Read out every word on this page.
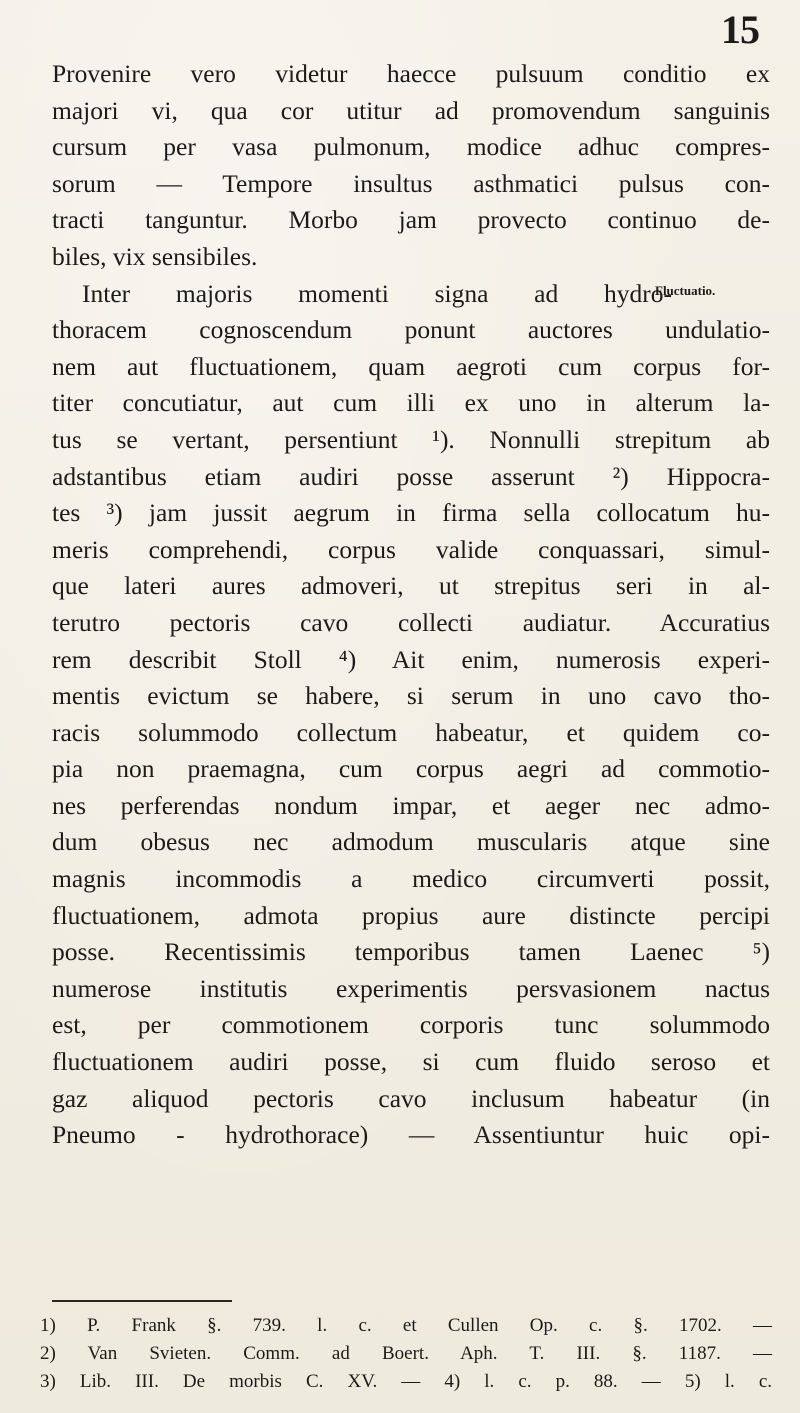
15
Provenire vero videtur haecce pulsuum conditio ex
majori vi, qua cor utitur ad promovendum sanguinis
cursum per vasa pulmonum, modice adhuc compres-
sorum — Tempore insultus asthmatici pulsus con-
tracti tanguntur. Morbo jam provecto continuo de-
biles, vix sensibiles.
Inter majoris momenti signa ad hydro-
Fluctuatio.
thoracem cognoscendum ponunt auctores undulatio-
nem aut fluctuationem, quam aegroti cum corpus for-
titer concutiatur, aut cum illi ex uno in alterum la-
tus se vertant, persentiunt ¹). Nonnulli strepitum ab
adstantibus etiam audiri posse asserunt ²) Hippocra-
tes ³) jam jussit aegrum in firma sella collocatum hu-
meris comprehendi, corpus valide conquassari, simul-
que lateri aures admoveri, ut strepitus seri in al-
terutro pectoris cavo collecti audiatur. Accuratius
rem describit Stoll ⁴) Ait enim, numerosis experi-
mentis evictum se habere, si serum in uno cavo tho-
racis solummodo collectum habeatur, et quidem co-
pia non praemagna, cum corpus aegri ad commotio-
nes perferendas nondum impar, et aeger nec admo-
dum obesus nec admodum muscularis atque sine
magnis incommodis a medico circumverti possit,
fluctuationem, admota propius aure distincte percipi
posse. Recentissimis temporibus tamen Laenec ⁵)
numerose institutis experimentis persvasionem nactus
est, per commotionem corporis tunc solummodo
fluctuationem audiri posse, si cum fluido seroso et
gaz aliquod pectoris cavo inclusum habeatur (in
Pneumo - hydrothorace) — Assentiuntur huic opi-
1) P. Frank §. 739. l. c. et Cullen Op. c. §. 1702. —
2) Van Svieten. Comm. ad Boert. Aph. T. III. §. 1187. —
3) Lib. III. De morbis C. XV. — 4) l. c. p. 88. — 5) l. c.
